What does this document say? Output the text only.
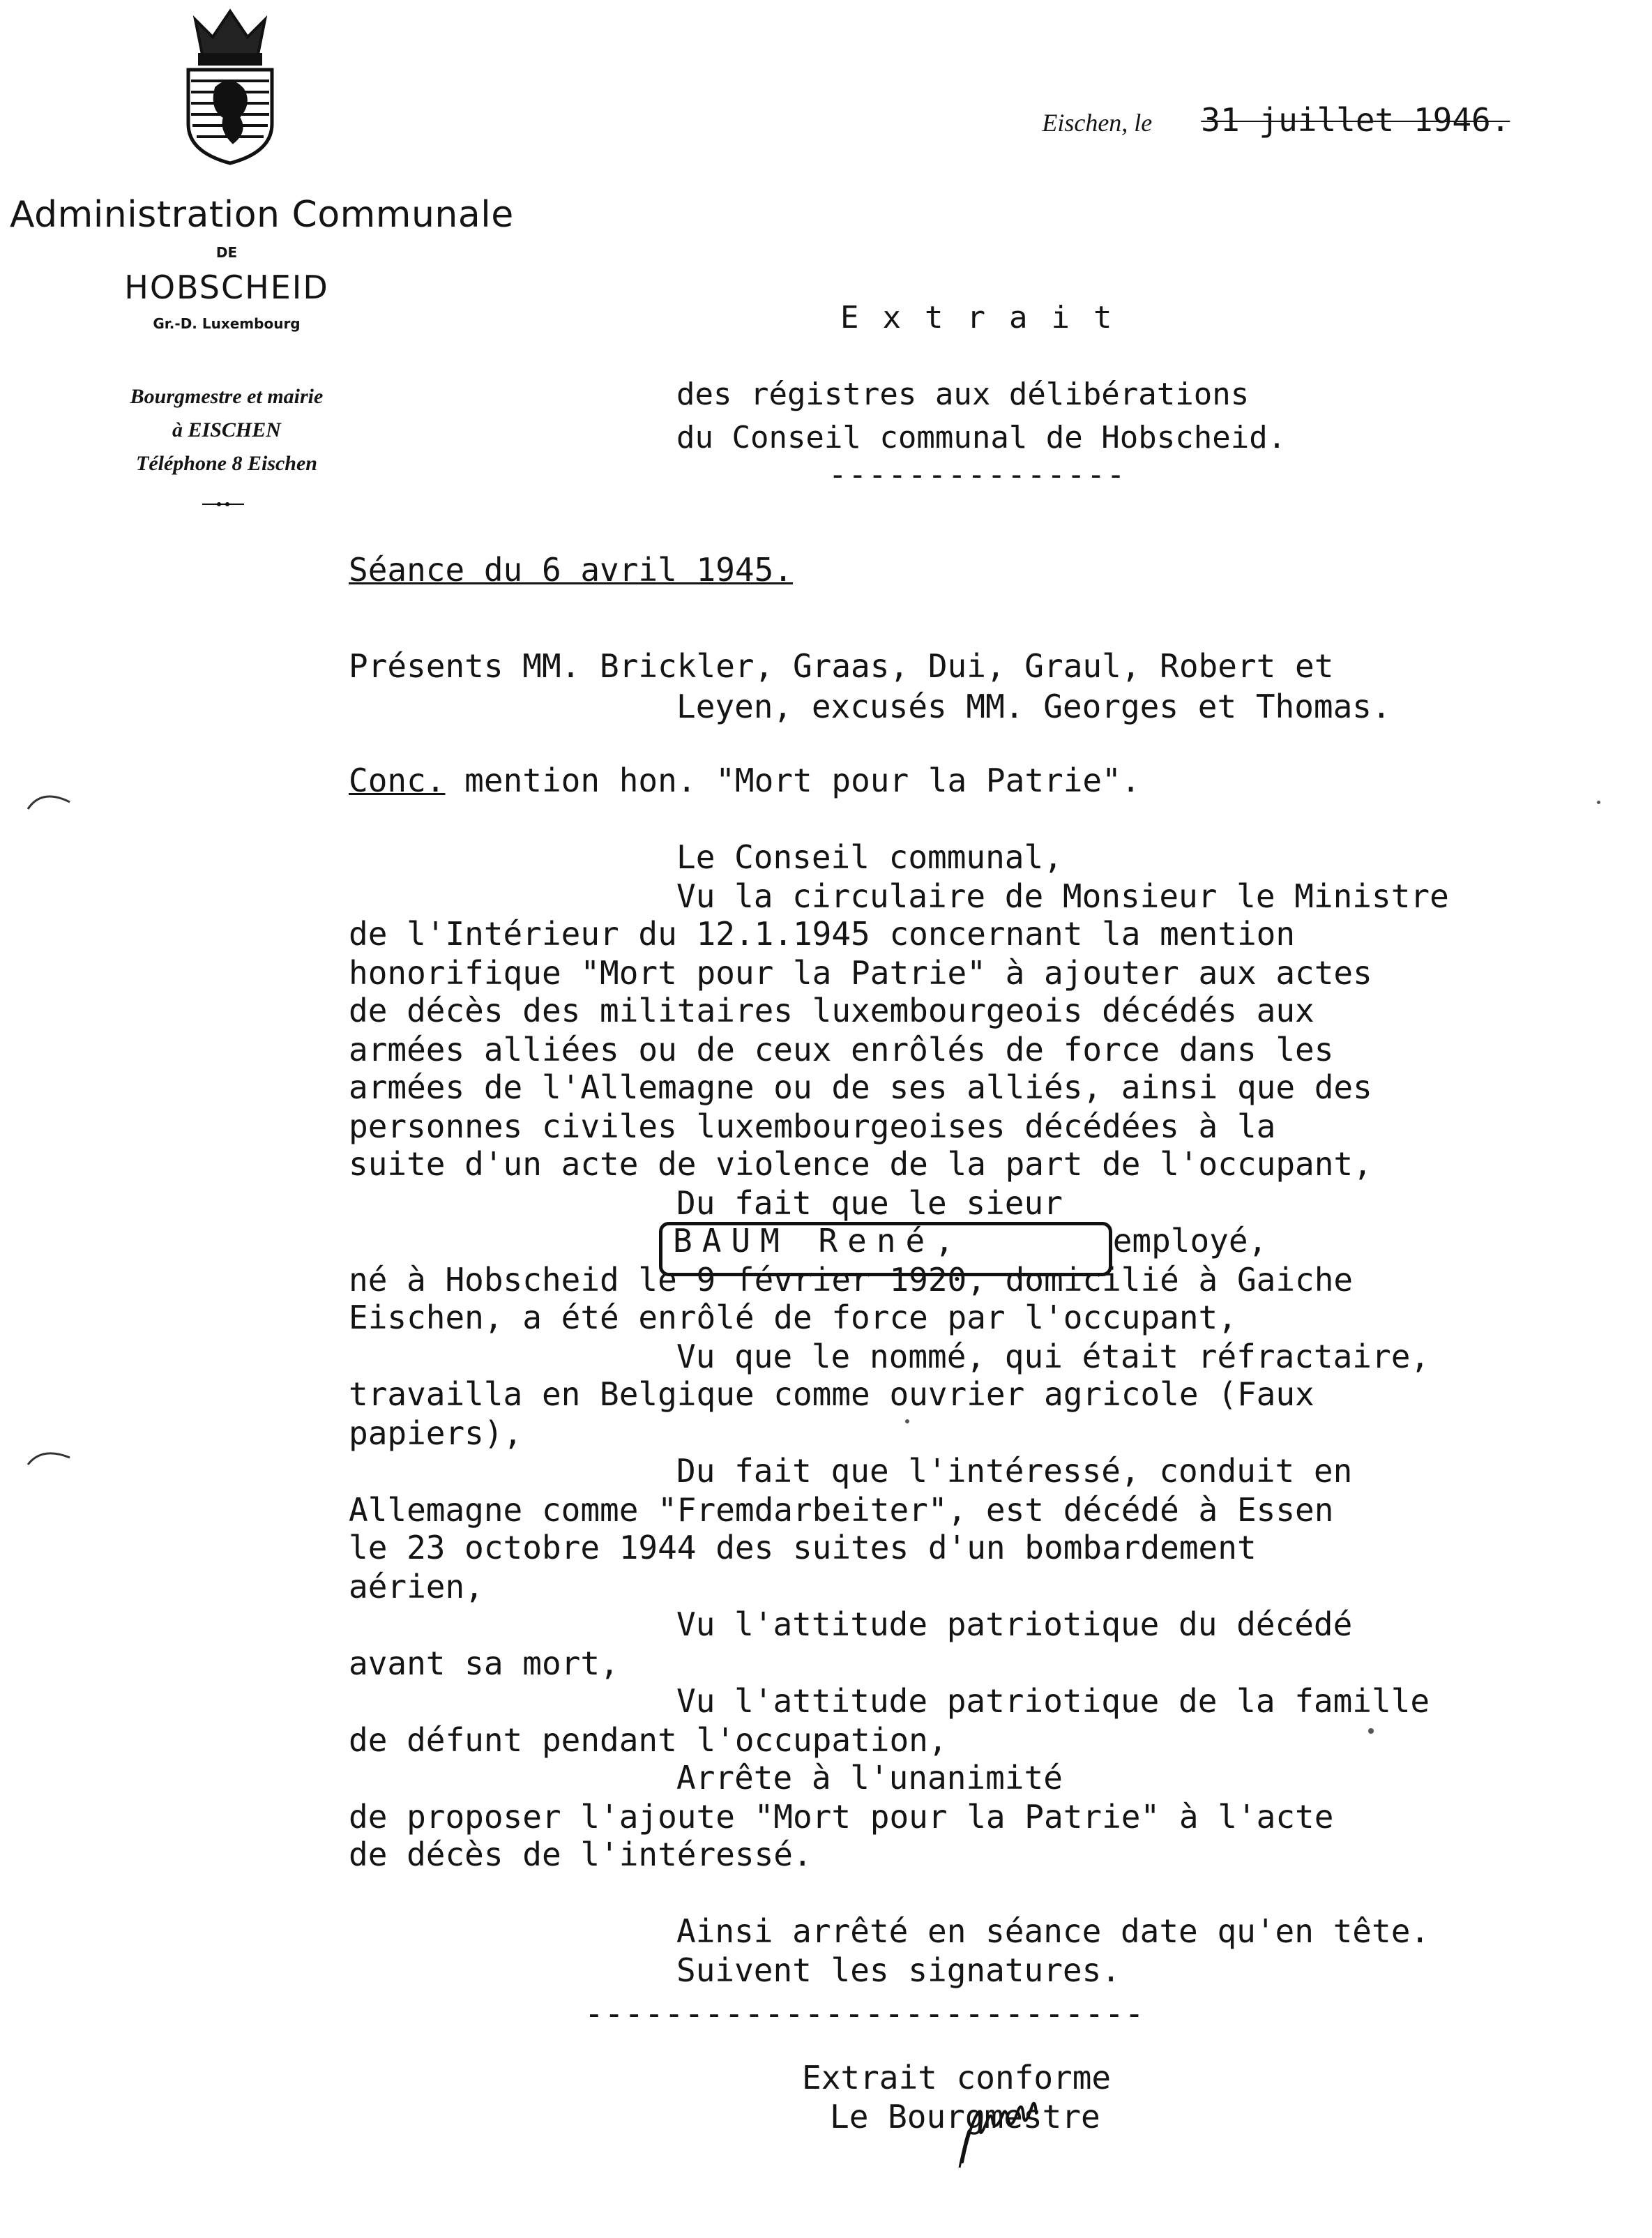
Administration Communale
DE
HOBSCHEID
Gr.-D. Luxembourg
Bourgmestre et mairie
à EISCHEN
Téléphone 8 Eischen

Eischen, le 31 juillet 1946.

Extrait
des régistres aux délibérations
du Conseil communal de Hobscheid.
---------------
Séance du 6 avril 1945.
Présents MM. Brickler, Graas, Dui, Graul, Robert et
Leyen, excusés MM. Georges et Thomas.
Conc. mention hon. "Mort pour la Patrie".
Le Conseil communal,
Vu la circulaire de Monsieur le Ministre
de l'Intérieur du 12.1.1945 concernant la mention
honorifique "Mort pour la Patrie" à ajouter aux actes
de décès des militaires luxembourgeois décédés aux
armées alliées ou de ceux enrôlés de force dans les
armées de l'Allemagne ou de ses alliés, ainsi que des
personnes civiles luxembourgeoises décédées à la
suite d'un acte de violence de la part de l'occupant,
Du fait que le sieur
BAUM René,	employé,
né à Hobscheid le 9 février 1920, domicilié à Gaiche
Eischen, a été enrôlé de force par l'occupant,
Vu que le nommé, qui était réfractaire,
travailla en Belgique comme ouvrier agricole (Faux
papiers),
Du fait que l'intéressé, conduit en
Allemagne comme "Fremdarbeiter", est décédé à Essen
le 23 octobre 1944 des suites d'un bombardement
aérien,
Vu l'attitude patriotique du décédé
avant sa mort,
Vu l'attitude patriotique de la famille
de défunt pendant l'occupation,
Arrête à l'unanimité
de proposer l'ajoute "Mort pour la Patrie" à l'acte
de décès de l'intéressé.
Ainsi arrêté en séance date qu'en tête.
Suivent les signatures.
----------------------------
Extrait conforme
Le Bourgmestre
